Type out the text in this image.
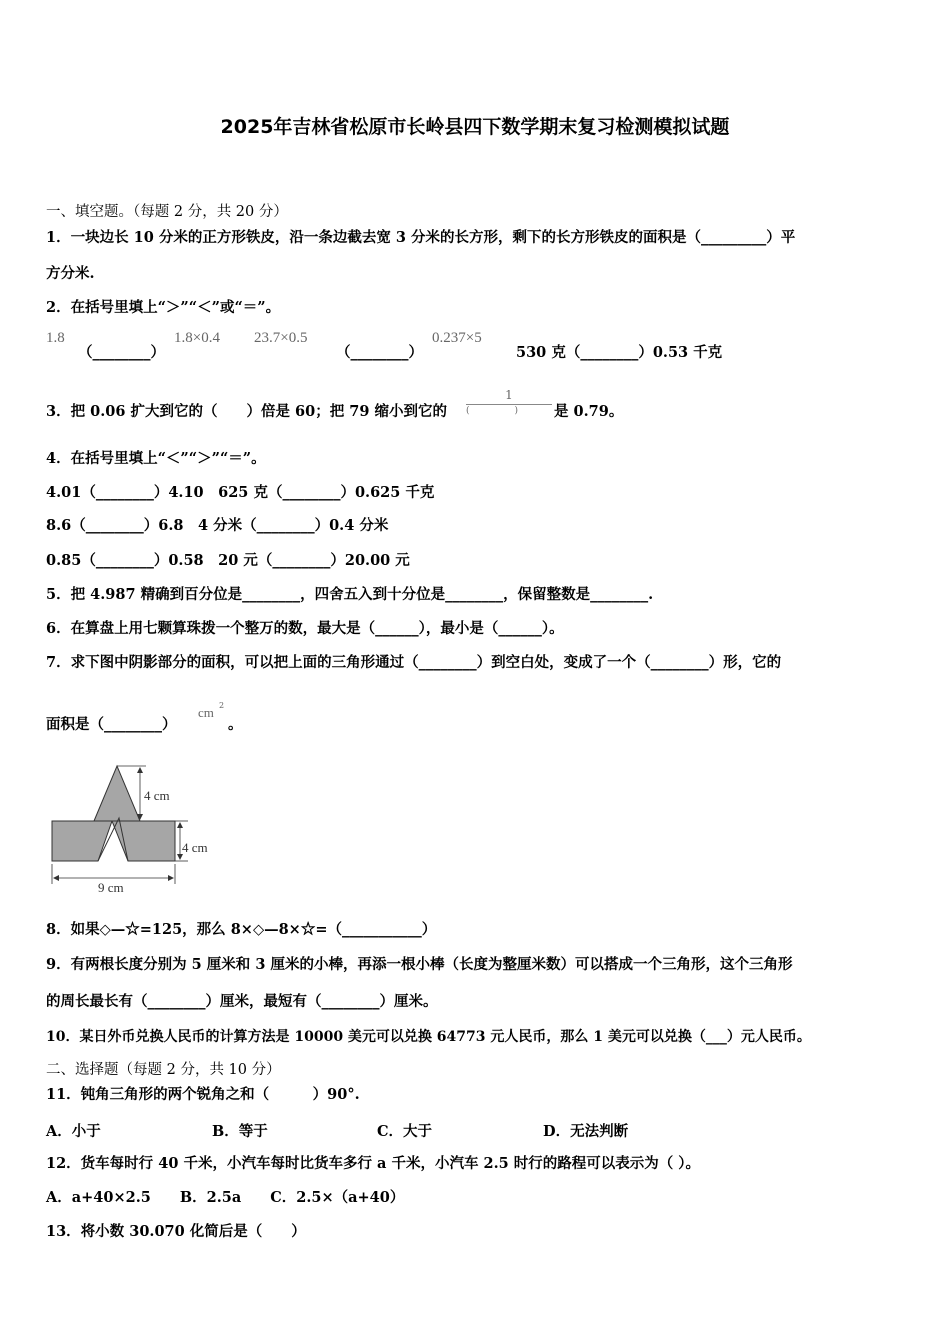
2025年吉林省松原市长岭县四下数学期末复习检测模拟试题
一、填空题。（每题 2 分，共 20 分）
1．一块边长 10 分米的正方形铁皮，沿一条边截去宽 3 分米的长方形，剩下的长方形铁皮的面积是（_________）平
方分米.
2．在括号里填上“＞”“＜”或“＝”。
1.8
（________）
1.8×0.4 23.7×0.5
（________）
0.237×5
530 克（________）0.53 千克
3．把 0.06 扩大到它的（　　）倍是 60；把 79 缩小到它的
1
(　　　　　)	是 0.79。
4．在括号里填上“＜”“＞”“＝”。
4.01（________）4.10　625 克（________）0.625 千克
8.6（________）6.8　4 分米（________）0.4 分米
0.85（________）0.58　20 元（________）20.00 元
5．把 4.987 精确到百分位是________，四舍五入到十分位是________，保留整数是________.
6．在算盘上用七颗算珠拨一个整万的数，最大是（______），最小是（______）。
7．求下图中阴影部分的面积，可以把上面的三角形通过（________）到空白处，变成了一个（________）形，它的
面积是（________）
cm 2
。
4 cm
4 cm
9 cm
8．如果◇—☆=125，那么 8×◇—8×☆=（___________）
9．有两根长度分别为 5 厘米和 3 厘米的小棒，再添一根小棒（长度为整厘米数）可以搭成一个三角形，这个三角形
的周长最长有（________）厘米，最短有（________）厘米。
10．某日外币兑换人民币的计算方法是 10000 美元可以兑换 64773 元人民币，那么 1 美元可以兑换（___）元人民币。
二、选择题（每题 2 分，共 10 分）
11．钝角三角形的两个锐角之和（　　　）90°.
A．小于	B．等于	C．大于	D．无法判断
12．货车每时行 40 千米，小汽车每时比货车多行 a 千米，小汽车 2.5 时行的路程可以表示为（ ）。
A．a+40×2.5　　B．2.5a　　C．2.5×（a+40）
13．将小数 30.070 化简后是（　　）
